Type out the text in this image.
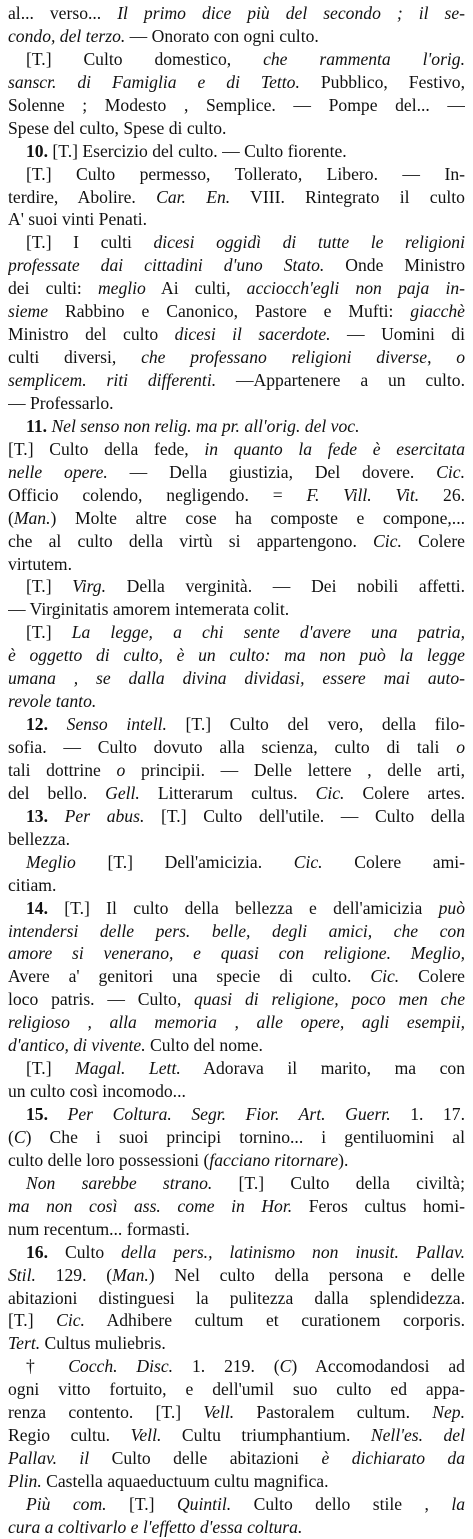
al... verso... Il primo dice più del secondo ; il se-
condo, del terzo. — Onorato con ogni culto.
[T.] Culto domestico, che rammenta l'orig.
sanscr. di Famiglia e di Tetto. Pubblico, Festivo,
Solenne ; Modesto , Semplice. — Pompe del... —
Spese del culto, Spese di culto.
10. [T.] Esercizio del culto. — Culto fiorente.
[T.] Culto permesso, Tollerato, Libero. — In-
terdire, Abolire. Car. En. VIII. Rintegrato il culto
A' suoi vinti Penati.
[T.] I culti dicesi oggidì di tutte le religioni
professate dai cittadini d'uno Stato. Onde Ministro
dei culti: meglio Ai culti, acciocch'egli non paja in-
sieme Rabbino e Canonico, Pastore e Mufti: giacchè
Ministro del culto dicesi il sacerdote. — Uomini di
culti diversi, che professano religioni diverse, o
semplicem. riti differenti. —Appartenere a un culto.
— Professarlo.
11. Nel senso non relig. ma pr. all'orig. del voc.
[T.] Culto della fede, in quanto la fede è esercitata
nelle opere. — Della giustizia, Del dovere. Cic.
Officio colendo, negligendo. = F. Vill. Vit. 26.
(Man.) Molte altre cose ha composte e compone,...
che al culto della virtù si appartengono. Cic. Colere
virtutem.
[T.] Virg. Della verginità. — Dei nobili affetti.
— Virginitatis amorem intemerata colit.
[T.] La legge, a chi sente d'avere una patria,
è oggetto di culto, è un culto: ma non può la legge
umana , se dalla divina dividasi, essere mai auto-
revole tanto.
12. Senso intell. [T.] Culto del vero, della filo-
sofia. — Culto dovuto alla scienza, culto di tali o
tali dottrine o principii. — Delle lettere , delle arti,
del bello. Gell. Litterarum cultus. Cic. Colere artes.
13. Per abus. [T.] Culto dell'utile. — Culto della
bellezza.
Meglio [T.] Dell'amicizia. Cic. Colere ami-
citiam.
14. [T.] Il culto della bellezza e dell'amicizia può
intendersi delle pers. belle, degli amici, che con
amore si venerano, e quasi con religione. Meglio,
Avere a' genitori una specie di culto. Cic. Colere
loco patris. — Culto, quasi di religione, poco men che
religioso , alla memoria , alle opere, agli esempii,
d'antico, di vivente. Culto del nome.
[T.] Magal. Lett. Adorava il marito, ma con
un culto così incomodo...
15. Per Coltura. Segr. Fior. Art. Guerr. 1. 17.
(C) Che i suoi principi tornino... i gentiluomini al
culto delle loro possessioni (facciano ritornare).
Non sarebbe strano. [T.] Culto della civiltà;
ma non così ass. come in Hor. Feros cultus homi-
num recentum... formasti.
16. Culto della pers., latinismo non inusit. Pallav.
Stil. 129. (Man.) Nel culto della persona e delle
abitazioni distinguesi la pulitezza dalla splendidezza.
[T.] Cic. Adhibere cultum et curationem corporis.
Tert. Cultus muliebris.
† Cocch. Disc. 1. 219. (C) Accomodandosi ad
ogni vitto fortuito, e dell'umil suo culto ed appa-
renza contento. [T.] Vell. Pastoralem cultum. Nep.
Regio cultu. Vell. Cultu triumphantium. Nell'es. del
Pallav. il Culto delle abitazioni è dichiarato da
Plin. Castella aquaeductuum cultu magnifica.
Più com. [T.] Quintil. Culto dello stile , la
cura a coltivarlo e l'effetto d'essa coltura.
